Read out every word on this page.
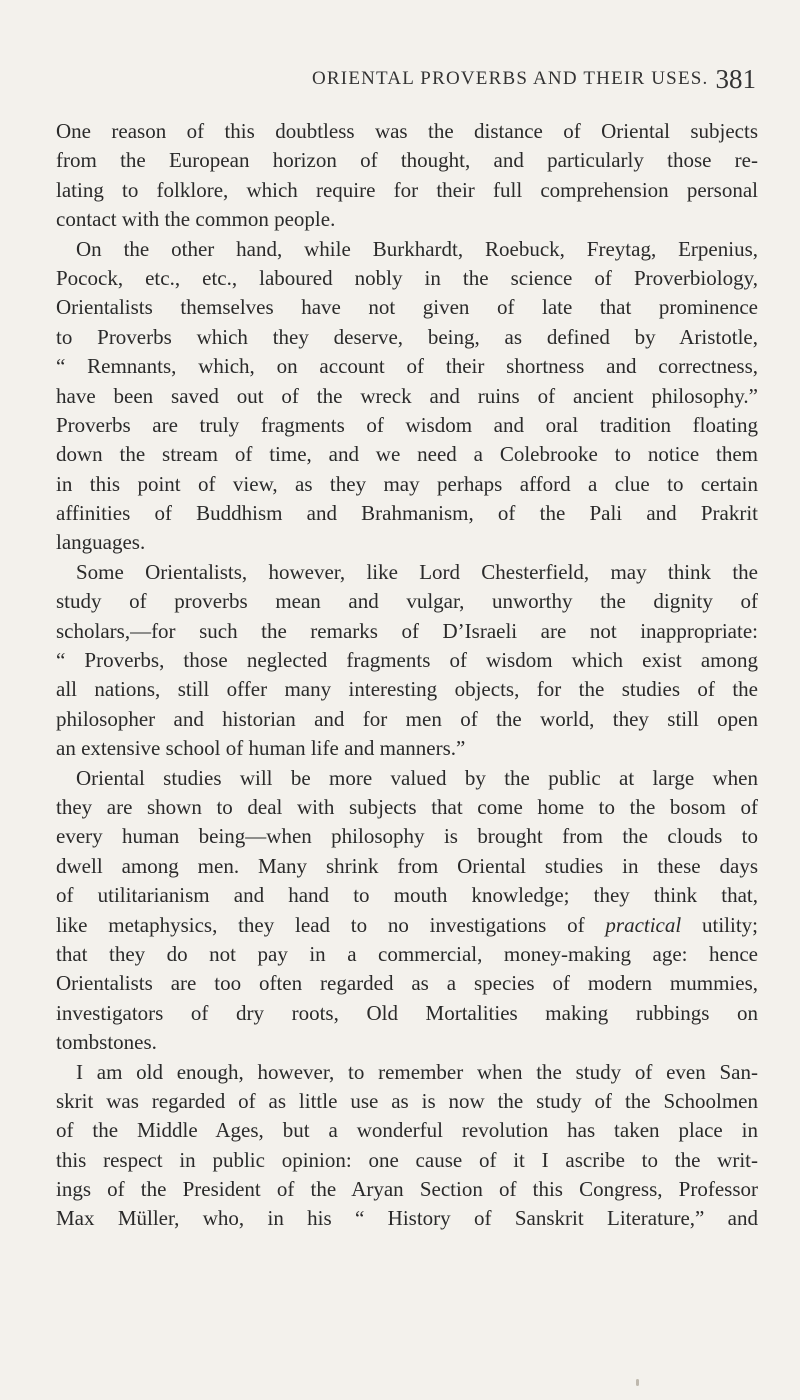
ORIENTAL PROVERBS AND THEIR USES. 381
One reason of this doubtless was the distance of Oriental subjects
from the European horizon of thought, and particularly those re-
lating to folklore, which require for their full comprehension personal
contact with the common people.
On the other hand, while Burkhardt, Roebuck, Freytag, Erpenius,
Pocock, etc., etc., laboured nobly in the science of Proverbiology,
Orientalists themselves have not given of late that prominence
to Proverbs which they deserve, being, as defined by Aristotle,
“ Remnants, which, on account of their shortness and correctness,
have been saved out of the wreck and ruins of ancient philosophy.”
Proverbs are truly fragments of wisdom and oral tradition floating
down the stream of time, and we need a Colebrooke to notice them
in this point of view, as they may perhaps afford a clue to certain
affinities of Buddhism and Brahmanism, of the Pali and Prakrit
languages.
Some Orientalists, however, like Lord Chesterfield, may think the
study of proverbs mean and vulgar, unworthy the dignity of
scholars,—for such the remarks of D’Israeli are not inappropriate:
“ Proverbs, those neglected fragments of wisdom which exist among
all nations, still offer many interesting objects, for the studies of the
philosopher and historian and for men of the world, they still open
an extensive school of human life and manners.”
Oriental studies will be more valued by the public at large when
they are shown to deal with subjects that come home to the bosom of
every human being—when philosophy is brought from the clouds to
dwell among men. Many shrink from Oriental studies in these days
of utilitarianism and hand to mouth knowledge; they think that,
like metaphysics, they lead to no investigations of practical utility;
that they do not pay in a commercial, money-making age: hence
Orientalists are too often regarded as a species of modern mummies,
investigators of dry roots, Old Mortalities making rubbings on
tombstones.
I am old enough, however, to remember when the study of even San-
skrit was regarded of as little use as is now the study of the Schoolmen
of the Middle Ages, but a wonderful revolution has taken place in
this respect in public opinion: one cause of it I ascribe to the writ-
ings of the President of the Aryan Section of this Congress, Professor
Max Müller, who, in his “ History of Sanskrit Literature,” and
